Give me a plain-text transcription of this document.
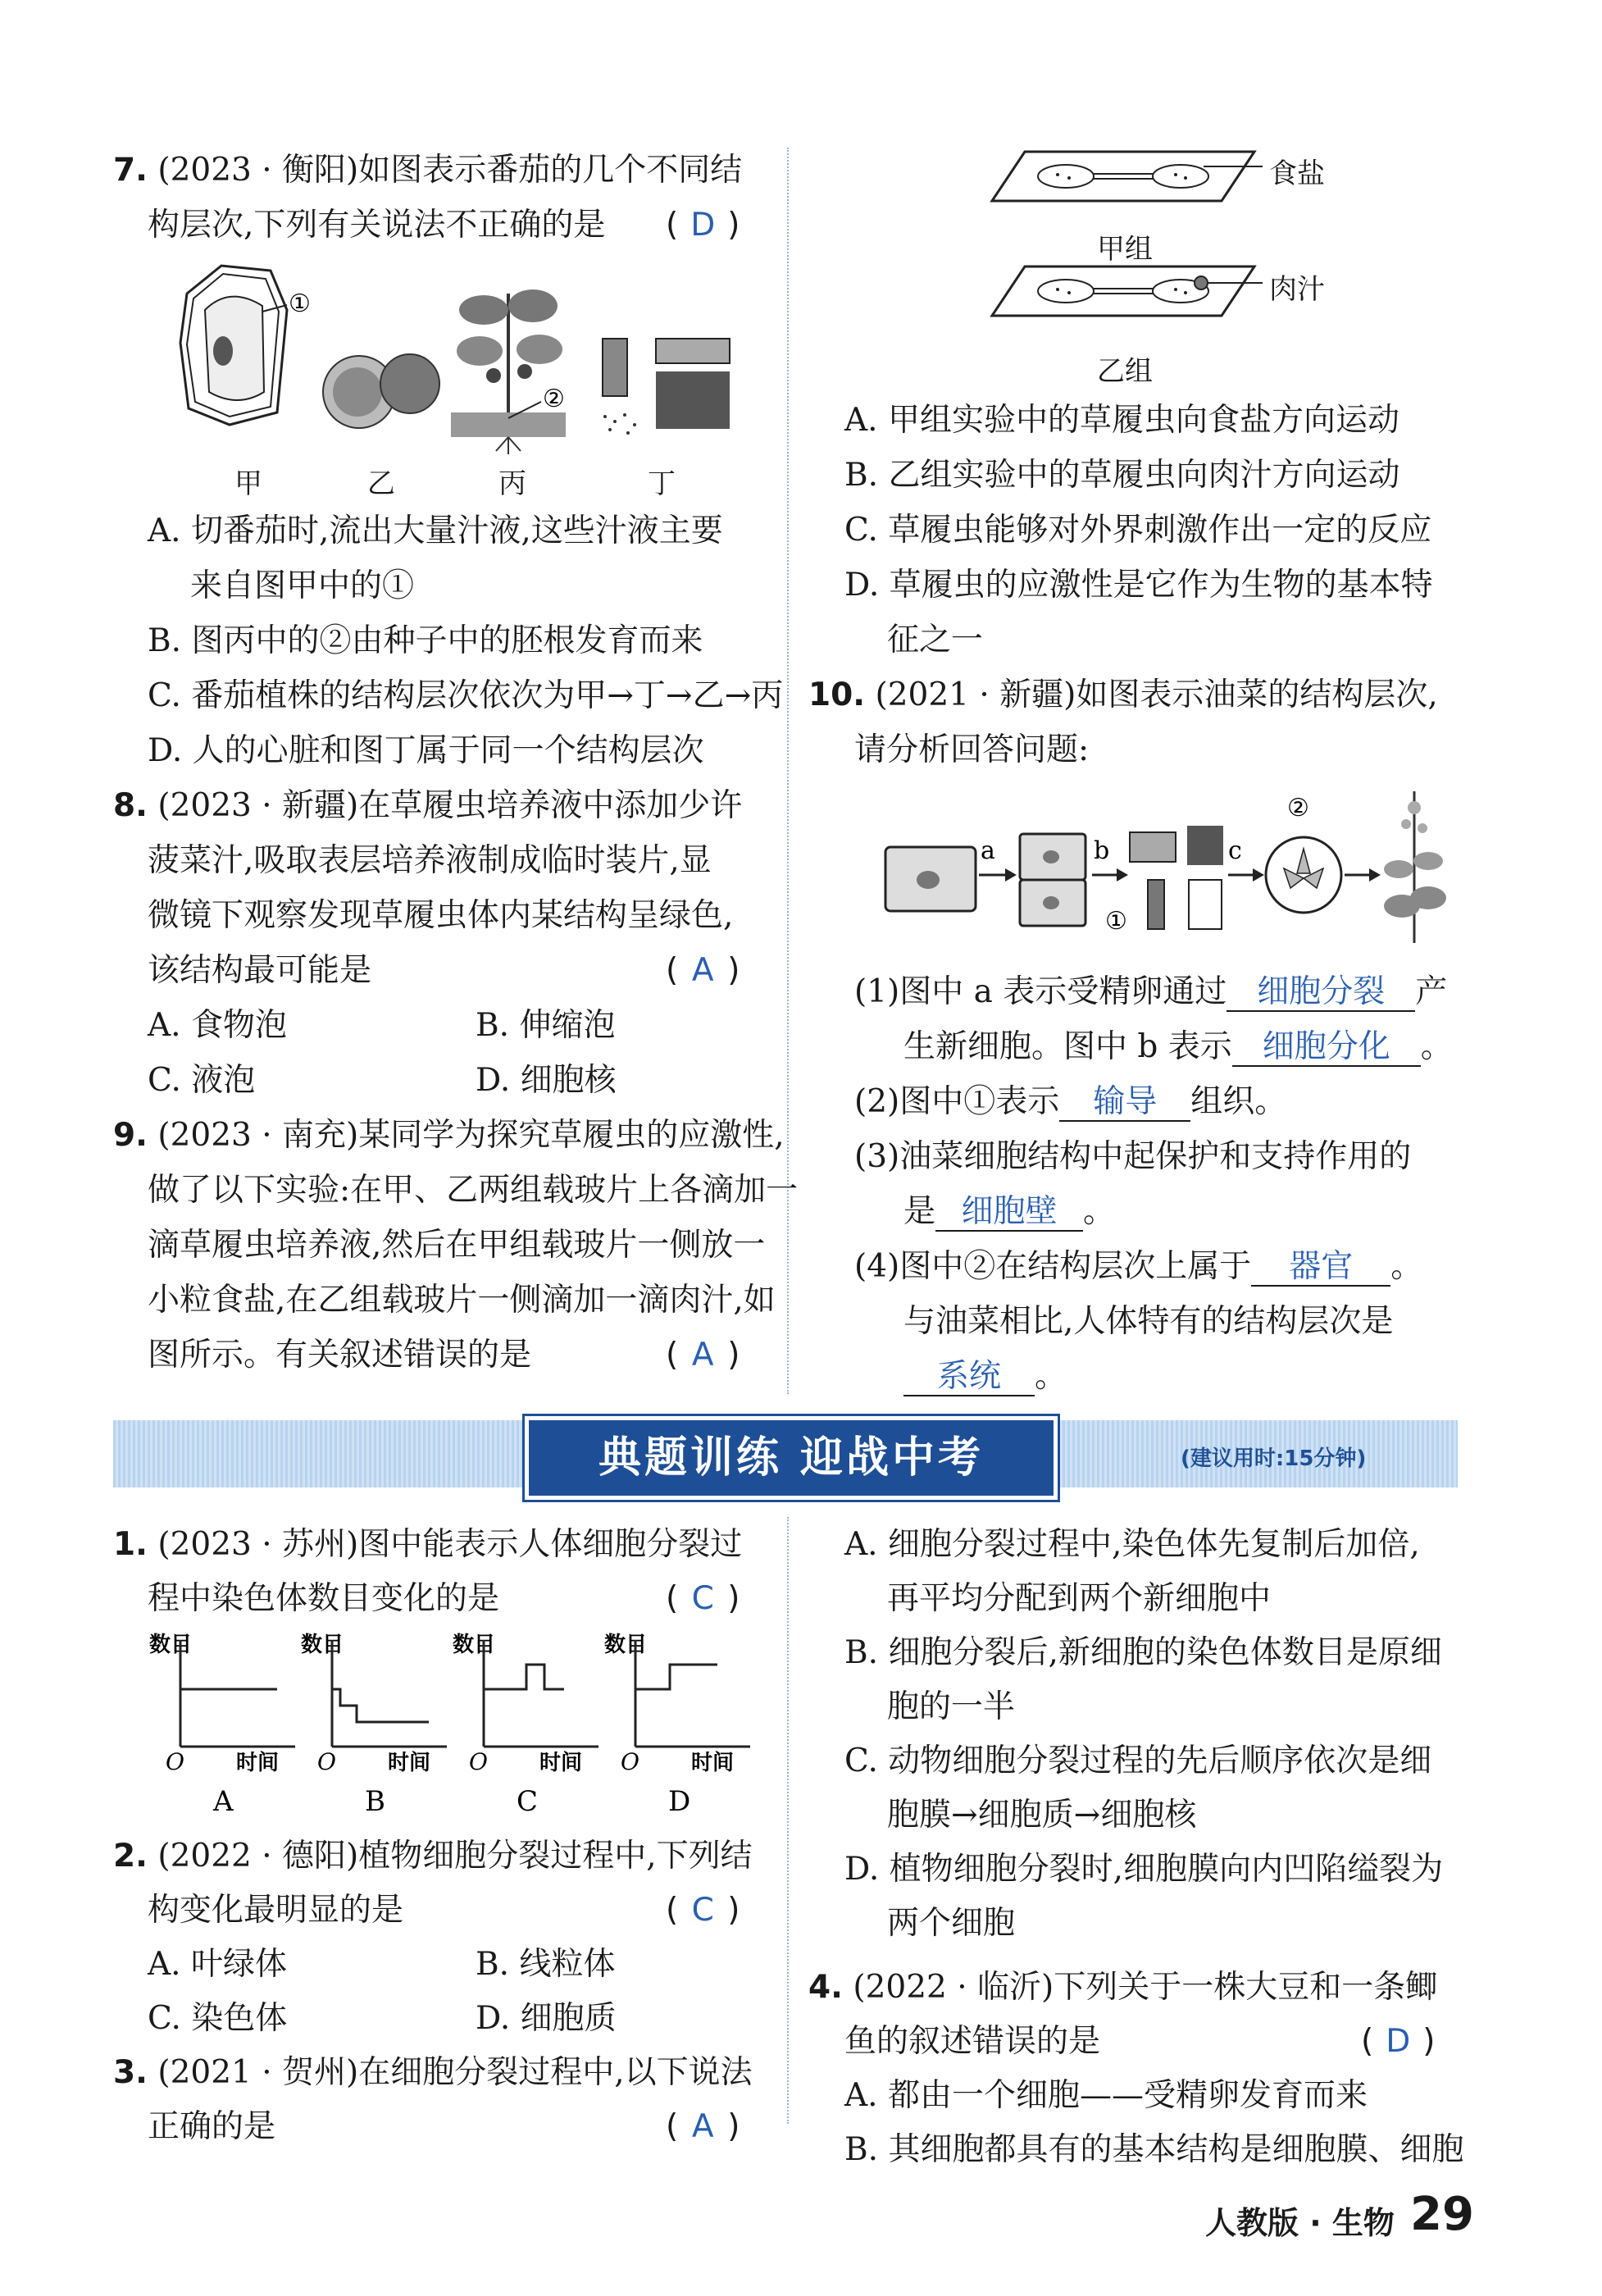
7. (2023 · 衡阳)如图表示番茄的几个不同结
构层次,下列有关说法不正确的是 ( D )
①
②
甲	乙	丙	丁
A. 切番茄时,流出大量汁液,这些汁液主要
来自图甲中的①
B. 图丙中的②由种子中的胚根发育而来
C. 番茄植株的结构层次依次为甲→丁→乙→丙
D. 人的心脏和图丁属于同一个结构层次
8. (2023 · 新疆)在草履虫培养液中添加少许
菠菜汁,吸取表层培养液制成临时装片,显
微镜下观察发现草履虫体内某结构呈绿色,
该结构最可能是	( A )
A. 食物泡	B. 伸缩泡
C. 液泡	D. 细胞核
9. (2023 · 南充)某同学为探究草履虫的应激性,
做了以下实验:在甲、乙两组载玻片上各滴加一
滴草履虫培养液,然后在甲组载玻片一侧放一
小粒食盐,在乙组载玻片一侧滴加一滴肉汁,如
图所示。有关叙述错误的是	( A )
食盐
甲组
肉汁
乙组
A. 甲组实验中的草履虫向食盐方向运动
B. 乙组实验中的草履虫向肉汁方向运动
C. 草履虫能够对外界刺激作出一定的反应
D. 草履虫的应激性是它作为生物的基本特
征之一
10. (2021 · 新疆)如图表示油菜的结构层次,
请分析回答问题:
a	b
①
c
②
(1)图中 a 表示受精卵通过 细胞分裂 产
生新细胞。图中 b 表示 细胞分化 。
(2)图中①表示 输导 组织。
(3)油菜细胞结构中起保护和支持作用的
是 细胞壁 。
(4)图中②在结构层次上属于 器官 。
与油菜相比,人体特有的结构层次是
系统 。
典题训练 迎战中考	(建议用时:15分钟)
1. (2023 · 苏州)图中能表示人体细胞分裂过
程中染色体数目变化的是	( C )
数目
O 时间
A
数目
O 时间
B
数目
O 时间
C
数目
O 时间
D
2. (2022 · 德阳)植物细胞分裂过程中,下列结
构变化最明显的是	( C )
A. 叶绿体	B. 线粒体
C. 染色体	D. 细胞质
3. (2021 · 贺州)在细胞分裂过程中,以下说法
正确的是	( A )
A. 细胞分裂过程中,染色体先复制后加倍,
再平均分配到两个新细胞中
B. 细胞分裂后,新细胞的染色体数目是原细
胞的一半
C. 动物细胞分裂过程的先后顺序依次是细
胞膜→细胞质→细胞核
D. 植物细胞分裂时,细胞膜向内凹陷缢裂为
两个细胞
4. (2022 · 临沂)下列关于一株大豆和一条鲫
鱼的叙述错误的是	( D )
A. 都由一个细胞——受精卵发育而来
B. 其细胞都具有的基本结构是细胞膜、细胞
人教版 · 生物 29
